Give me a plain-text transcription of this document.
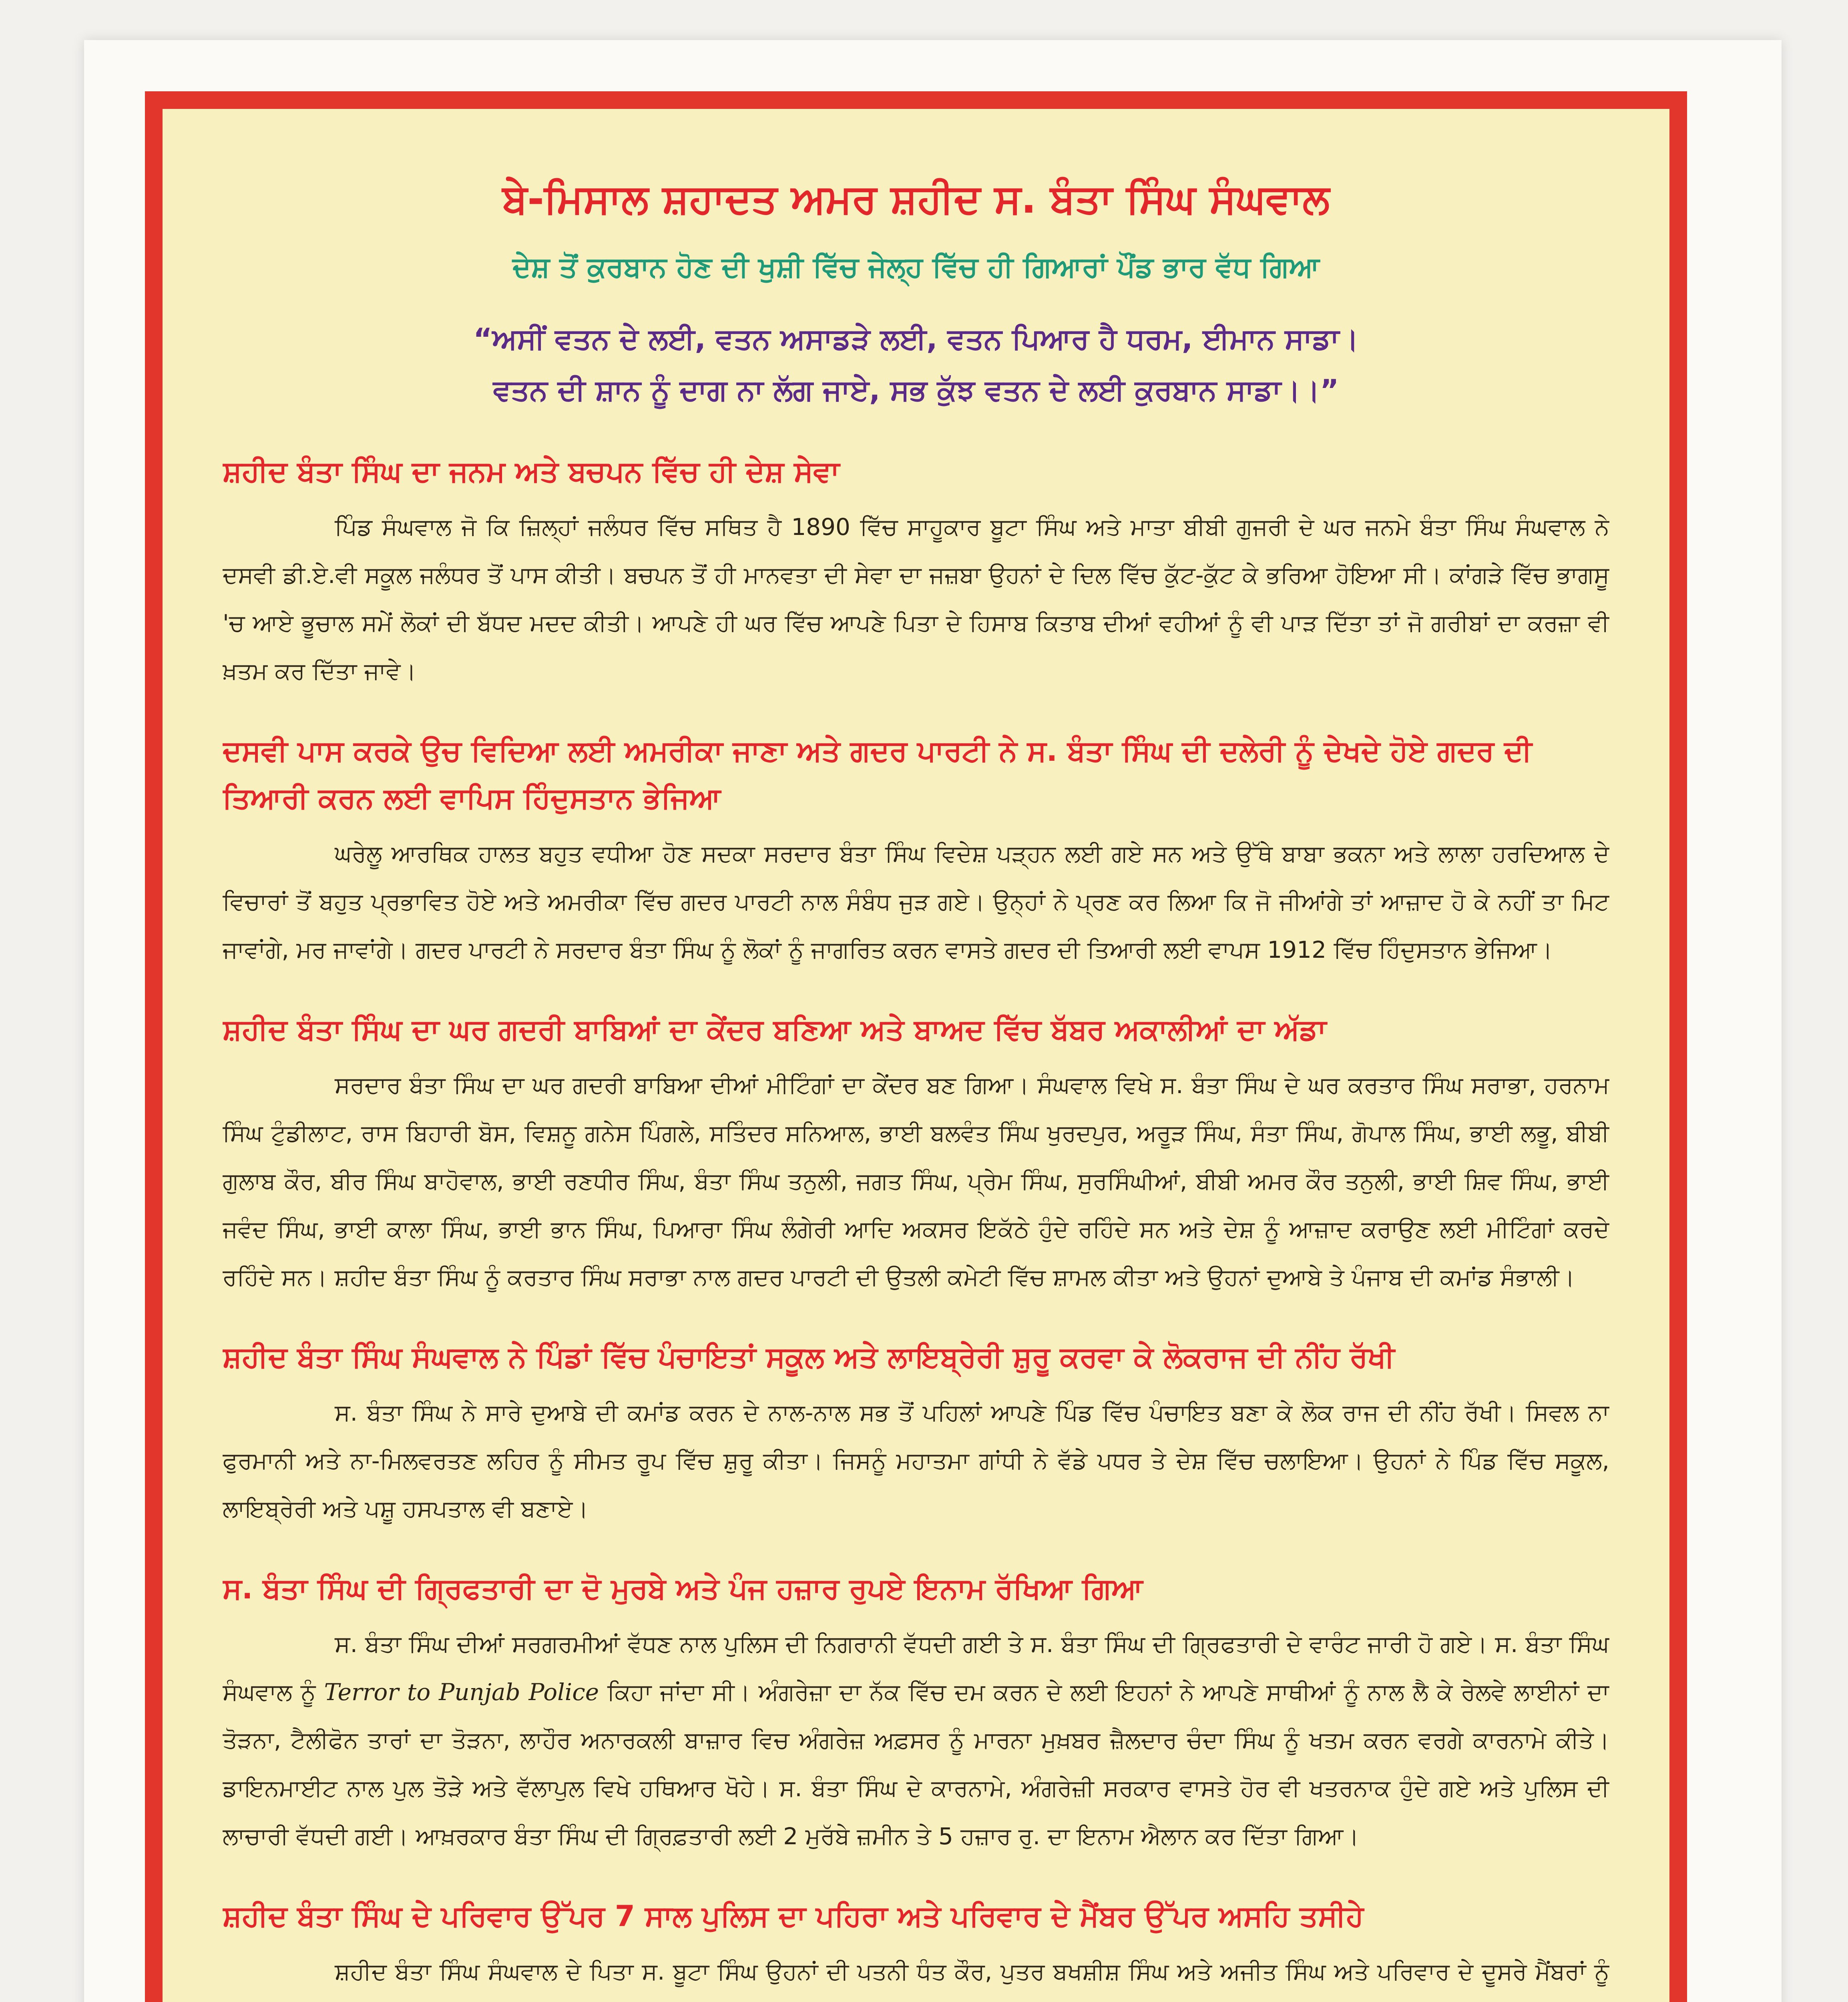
ਬੇ-ਮਿਸਾਲ ਸ਼ਹਾਦਤ ਅਮਰ ਸ਼ਹੀਦ ਸ. ਬੰਤਾ ਸਿੰਘ ਸੰਘਵਾਲ
ਦੇਸ਼ ਤੋਂ ਕੁਰਬਾਨ ਹੋਣ ਦੀ ਖੁਸ਼ੀ ਵਿੱਚ ਜੇਲ੍ਹ ਵਿੱਚ ਹੀ ਗਿਆਰਾਂ ਪੌਂਡ ਭਾਰ ਵੱਧ ਗਿਆ
“ਅਸੀਂ ਵਤਨ ਦੇ ਲਈ, ਵਤਨ ਅਸਾਡੜੇ ਲਈ, ਵਤਨ ਪਿਆਰ ਹੈ ਧਰਮ, ਈਮਾਨ ਸਾਡਾ।
ਵਤਨ ਦੀ ਸ਼ਾਨ ਨੂੰ ਦਾਗ ਨਾ ਲੱਗ ਜਾਏ, ਸਭ ਕੁੱਝ ਵਤਨ ਦੇ ਲਈ ਕੁਰਬਾਨ ਸਾਡਾ।।”
ਸ਼ਹੀਦ ਬੰਤਾ ਸਿੰਘ ਦਾ ਜਨਮ ਅਤੇ ਬਚਪਨ ਵਿੱਚ ਹੀ ਦੇਸ਼ ਸੇਵਾ

ਪਿੰਡ ਸੰਘਵਾਲ ਜੋ ਕਿ ਜ਼ਿਲ੍ਹਾਂ ਜਲੰਧਰ ਵਿੱਚ ਸਥਿਤ ਹੈ 1890 ਵਿੱਚ ਸਾਹੂਕਾਰ ਬੂਟਾ ਸਿੰਘ ਅਤੇ ਮਾਤਾ ਬੀਬੀ ਗੁਜਰੀ ਦੇ ਘਰ ਜਨਮੇ ਬੰਤਾ ਸਿੰਘ ਸੰਘਵਾਲ ਨੇ ਦਸਵੀ ਡੀ.ਏ.ਵੀ ਸਕੂਲ ਜਲੰਧਰ ਤੋਂ ਪਾਸ ਕੀਤੀ। ਬਚਪਨ ਤੋਂ ਹੀ ਮਾਨਵਤਾ ਦੀ ਸੇਵਾ ਦਾ ਜਜ਼ਬਾ ਉਹਨਾਂ ਦੇ ਦਿਲ ਵਿੱਚ ਕੁੱਟ-ਕੁੱਟ ਕੇ ਭਰਿਆ ਹੋਇਆ ਸੀ। ਕਾਂਗੜੇ ਵਿੱਚ ਭਾਗਸੂ 'ਚ ਆਏ ਭੂਚਾਲ ਸਮੇਂ ਲੋਕਾਂ ਦੀ ਬੱਧਦ ਮਦਦ ਕੀਤੀ। ਆਪਣੇ ਹੀ ਘਰ ਵਿੱਚ ਆਪਣੇ ਪਿਤਾ ਦੇ ਹਿਸਾਬ ਕਿਤਾਬ ਦੀਆਂ ਵਹੀਆਂ ਨੂੰ ਵੀ ਪਾੜ ਦਿੱਤਾ ਤਾਂ ਜੋ ਗਰੀਬਾਂ ਦਾ ਕਰਜ਼ਾ ਵੀ ਖ਼ਤਮ ਕਰ ਦਿੱਤਾ ਜਾਵੇ।

ਦਸਵੀ ਪਾਸ ਕਰਕੇ ਉਚ ਵਿਦਿਆ ਲਈ ਅਮਰੀਕਾ ਜਾਣਾ ਅਤੇ ਗਦਰ ਪਾਰਟੀ ਨੇ ਸ. ਬੰਤਾ ਸਿੰਘ ਦੀ ਦਲੇਰੀ ਨੂੰ ਦੇਖਦੇ ਹੋਏ ਗਦਰ ਦੀ ਤਿਆਰੀ ਕਰਨ ਲਈ ਵਾਪਿਸ ਹਿੰਦੁਸਤਾਨ ਭੇਜਿਆ

ਘਰੇਲੂ ਆਰਥਿਕ ਹਾਲਤ ਬਹੁਤ ਵਧੀਆ ਹੋਣ ਸਦਕਾ ਸਰਦਾਰ ਬੰਤਾ ਸਿੰਘ ਵਿਦੇਸ਼ ਪੜ੍ਹਨ ਲਈ ਗਏ ਸਨ ਅਤੇ ਉੱਥੇ ਬਾਬਾ ਭਕਨਾ ਅਤੇ ਲਾਲਾ ਹਰਦਿਆਲ ਦੇ ਵਿਚਾਰਾਂ ਤੋਂ ਬਹੁਤ ਪ੍ਰਭਾਵਿਤ ਹੋਏ ਅਤੇ ਅਮਰੀਕਾ ਵਿੱਚ ਗਦਰ ਪਾਰਟੀ ਨਾਲ ਸੰਬੰਧ ਜੁੜ ਗਏ। ਉਨ੍ਹਾਂ ਨੇ ਪ੍ਰਣ ਕਰ ਲਿਆ ਕਿ ਜੋ ਜੀਆਂਗੇ ਤਾਂ ਆਜ਼ਾਦ ਹੋ ਕੇ ਨਹੀਂ ਤਾ ਮਿਟ ਜਾਵਾਂਗੇ, ਮਰ ਜਾਵਾਂਗੇ। ਗਦਰ ਪਾਰਟੀ ਨੇ ਸਰਦਾਰ ਬੰਤਾ ਸਿੰਘ ਨੂੰ ਲੋਕਾਂ ਨੂੰ ਜਾਗਰਿਤ ਕਰਨ ਵਾਸਤੇ ਗਦਰ ਦੀ ਤਿਆਰੀ ਲਈ ਵਾਪਸ 1912 ਵਿੱਚ ਹਿੰਦੁਸਤਾਨ ਭੇਜਿਆ।

ਸ਼ਹੀਦ ਬੰਤਾ ਸਿੰਘ ਦਾ ਘਰ ਗਦਰੀ ਬਾਬਿਆਂ ਦਾ ਕੇਂਦਰ ਬਣਿਆ ਅਤੇ ਬਾਅਦ ਵਿੱਚ ਬੱਬਰ ਅਕਾਲੀਆਂ ਦਾ ਅੱਡਾ

ਸਰਦਾਰ ਬੰਤਾ ਸਿੰਘ ਦਾ ਘਰ ਗਦਰੀ ਬਾਬਿਆ ਦੀਆਂ ਮੀਟਿੰਗਾਂ ਦਾ ਕੇਂਦਰ ਬਣ ਗਿਆ। ਸੰਘਵਾਲ ਵਿਖੇ ਸ. ਬੰਤਾ ਸਿੰਘ ਦੇ ਘਰ ਕਰਤਾਰ ਸਿੰਘ ਸਰਾਭਾ, ਹਰਨਾਮ ਸਿੰਘ ਟੁੰਡੀਲਾਟ, ਰਾਸ ਬਿਹਾਰੀ ਬੋਸ, ਵਿਸ਼ਨੂ ਗਨੇਸ ਪਿੰਗਲੇ, ਸਤਿੰਦਰ ਸਨਿਆਲ, ਭਾਈ ਬਲਵੰਤ ਸਿੰਘ ਖੁਰਦਪੁਰ, ਅਰੂੜ ਸਿੰਘ, ਸੰਤਾ ਸਿੰਘ, ਗੋਪਾਲ ਸਿੰਘ, ਭਾਈ ਲਭੂ, ਬੀਬੀ ਗੁਲਾਬ ਕੌਰ, ਬੀਰ ਸਿੰਘ ਬਾਹੋਵਾਲ, ਭਾਈ ਰਣਧੀਰ ਸਿੰਘ, ਬੰਤਾ ਸਿੰਘ ਤਨੁਲੀ, ਜਗਤ ਸਿੰਘ, ਪ੍ਰੇਮ ਸਿੰਘ, ਸੁਰਸਿੰਘੀਆਂ, ਬੀਬੀ ਅਮਰ ਕੌਰ ਤਨੁਲੀ, ਭਾਈ ਸ਼ਿਵ ਸਿੰਘ, ਭਾਈ ਜਵੰਦ ਸਿੰਘ, ਭਾਈ ਕਾਲਾ ਸਿੰਘ, ਭਾਈ ਭਾਨ ਸਿੰਘ, ਪਿਆਰਾ ਸਿੰਘ ਲੰਗੇਰੀ ਆਦਿ ਅਕਸਰ ਇਕੱਠੇ ਹੁੰਦੇ ਰਹਿੰਦੇ ਸਨ ਅਤੇ ਦੇਸ਼ ਨੂੰ ਆਜ਼ਾਦ ਕਰਾਉਣ ਲਈ ਮੀਟਿੰਗਾਂ ਕਰਦੇ ਰਹਿੰਦੇ ਸਨ। ਸ਼ਹੀਦ ਬੰਤਾ ਸਿੰਘ ਨੂੰ ਕਰਤਾਰ ਸਿੰਘ ਸਰਾਭਾ ਨਾਲ ਗਦਰ ਪਾਰਟੀ ਦੀ ਉਤਲੀ ਕਮੇਟੀ ਵਿੱਚ ਸ਼ਾਮਲ ਕੀਤਾ ਅਤੇ ਉਹਨਾਂ ਦੁਆਬੇ ਤੇ ਪੰਜਾਬ ਦੀ ਕਮਾਂਡ ਸੰਭਾਲੀ।

ਸ਼ਹੀਦ ਬੰਤਾ ਸਿੰਘ ਸੰਘਵਾਲ ਨੇ ਪਿੰਡਾਂ ਵਿੱਚ ਪੰਚਾਇਤਾਂ ਸਕੂਲ ਅਤੇ ਲਾਇਬ੍ਰੇਰੀ ਸ਼ੁਰੂ ਕਰਵਾ ਕੇ ਲੋਕਰਾਜ ਦੀ ਨੀਂਹ ਰੱਖੀ

ਸ. ਬੰਤਾ ਸਿੰਘ ਨੇ ਸਾਰੇ ਦੁਆਬੇ ਦੀ ਕਮਾਂਡ ਕਰਨ ਦੇ ਨਾਲ-ਨਾਲ ਸਭ ਤੋਂ ਪਹਿਲਾਂ ਆਪਣੇ ਪਿੰਡ ਵਿੱਚ ਪੰਚਾਇਤ ਬਣਾ ਕੇ ਲੋਕ ਰਾਜ ਦੀ ਨੀਂਹ ਰੱਖੀ। ਸਿਵਲ ਨਾ ਫੁਰਮਾਨੀ ਅਤੇ ਨਾ-ਮਿਲਵਰਤਣ ਲਹਿਰ ਨੂੰ ਸੀਮਤ ਰੂਪ ਵਿੱਚ ਸ਼ੁਰੂ ਕੀਤਾ। ਜਿਸਨੂੰ ਮਹਾਤਮਾ ਗਾਂਧੀ ਨੇ ਵੱਡੇ ਪਧਰ ਤੇ ਦੇਸ਼ ਵਿੱਚ ਚਲਾਇਆ। ਉਹਨਾਂ ਨੇ ਪਿੰਡ ਵਿੱਚ ਸਕੂਲ, ਲਾਇਬ੍ਰੇਰੀ ਅਤੇ ਪਸ਼ੂ ਹਸਪਤਾਲ ਵੀ ਬਣਾਏ।

ਸ. ਬੰਤਾ ਸਿੰਘ ਦੀ ਗ੍ਰਿਫਤਾਰੀ ਦਾ ਦੋ ਮੁਰਬੇ ਅਤੇ ਪੰਜ ਹਜ਼ਾਰ ਰੁਪਏ ਇਨਾਮ ਰੱਖਿਆ ਗਿਆ

ਸ. ਬੰਤਾ ਸਿੰਘ ਦੀਆਂ ਸਰਗਰਮੀਆਂ ਵੱਧਣ ਨਾਲ ਪੁਲਿਸ ਦੀ ਨਿਗਰਾਨੀ ਵੱਧਦੀ ਗਈ ਤੇ ਸ. ਬੰਤਾ ਸਿੰਘ ਦੀ ਗ੍ਰਿਫਤਾਰੀ ਦੇ ਵਾਰੰਟ ਜਾਰੀ ਹੋ ਗਏ। ਸ. ਬੰਤਾ ਸਿੰਘ ਸੰਘਵਾਲ ਨੂੰ Terror to Punjab Police ਕਿਹਾ ਜਾਂਦਾ ਸੀ। ਅੰਗਰੇਜ਼ਾ ਦਾ ਨੱਕ ਵਿੱਚ ਦਮ ਕਰਨ ਦੇ ਲਈ ਇਹਨਾਂ ਨੇ ਆਪਣੇ ਸਾਥੀਆਂ ਨੂੰ ਨਾਲ ਲੈ ਕੇ ਰੇਲਵੇ ਲਾਈਨਾਂ ਦਾ ਤੋੜਨਾ, ਟੈਲੀਫੋਨ ਤਾਰਾਂ ਦਾ ਤੋੜਨਾ, ਲਾਹੌਰ ਅਨਾਰਕਲੀ ਬਾਜ਼ਾਰ ਵਿਚ ਅੰਗਰੇਜ਼ ਅਫ਼ਸਰ ਨੂੰ ਮਾਰਨਾ ਮੁਖ਼ਬਰ ਜ਼ੈਲਦਾਰ ਚੰਦਾ ਸਿੰਘ ਨੂੰ ਖਤਮ ਕਰਨ ਵਰਗੇ ਕਾਰਨਾਮੇ ਕੀਤੇ। ਡਾਇਨਮਾਈਟ ਨਾਲ ਪੁਲ ਤੋੜੇ ਅਤੇ ਵੱਲਾਪੁਲ ਵਿਖੇ ਹਥਿਆਰ ਖੋਹੇ। ਸ. ਬੰਤਾ ਸਿੰਘ ਦੇ ਕਾਰਨਾਮੇ, ਅੰਗਰੇਜ਼ੀ ਸਰਕਾਰ ਵਾਸਤੇ ਹੋਰ ਵੀ ਖਤਰਨਾਕ ਹੁੰਦੇ ਗਏ ਅਤੇ ਪੁਲਿਸ ਦੀ ਲਾਚਾਰੀ ਵੱਧਦੀ ਗਈ। ਆਖ਼ਰਕਾਰ ਬੰਤਾ ਸਿੰਘ ਦੀ ਗ੍ਰਿਫ਼ਤਾਰੀ ਲਈ 2 ਮੁਰੱਬੇ ਜ਼ਮੀਨ ਤੇ 5 ਹਜ਼ਾਰ ਰੁ. ਦਾ ਇਨਾਮ ਐਲਾਨ ਕਰ ਦਿੱਤਾ ਗਿਆ।

ਸ਼ਹੀਦ ਬੰਤਾ ਸਿੰਘ ਦੇ ਪਰਿਵਾਰ ਉੱਪਰ 7 ਸਾਲ ਪੁਲਿਸ ਦਾ ਪਹਿਰਾ ਅਤੇ ਪਰਿਵਾਰ ਦੇ ਮੈਂਬਰ ਉੱਪਰ ਅਸਹਿ ਤਸੀਹੇ

ਸ਼ਹੀਦ ਬੰਤਾ ਸਿੰਘ ਸੰਘਵਾਲ ਦੇ ਪਿਤਾ ਸ. ਬੂਟਾ ਸਿੰਘ ਉਹਨਾਂ ਦੀ ਪਤਨੀ ਧੰਤ ਕੌਰ, ਪੁਤਰ ਬਖਸ਼ੀਸ਼ ਸਿੰਘ ਅਤੇ ਅਜੀਤ ਸਿੰਘ ਅਤੇ ਪਰਿਵਾਰ ਦੇ ਦੂਸਰੇ ਮੈਂਬਰਾਂ ਨੂੰ
